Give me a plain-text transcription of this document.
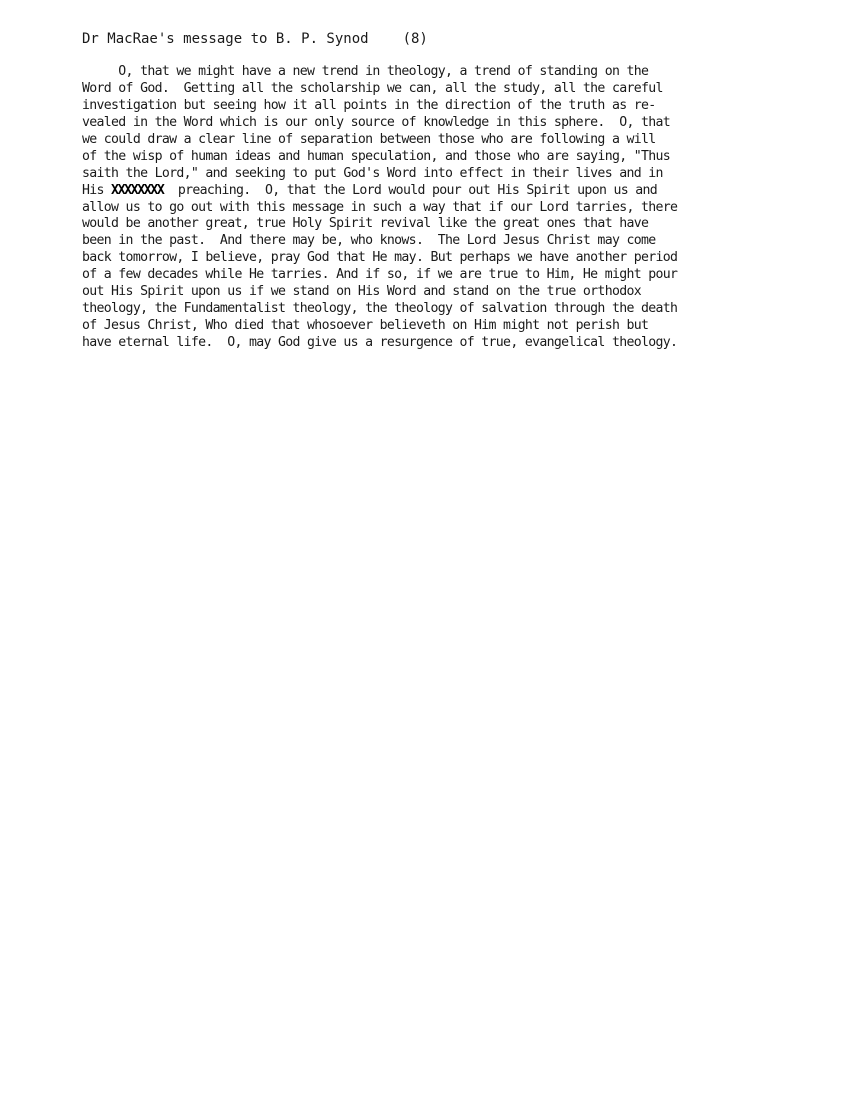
Dr MacRae's message to B. P. Synod (8)
O, that we might have a new trend in theology, a trend of standing on the
Word of God.  Getting all the scholarship we can, all the study, all the careful
investigation but seeing how it all points in the direction of the truth as re-
vealed in the Word which is our only source of knowledge in this sphere.  O, that
we could draw a clear line of separation between those who are following a will
of the wisp of human ideas and human speculation, and those who are saying, "Thus
saith the Lord," and seeking to put God's Word into effect in their lives and in
His XXXXXXXX  preaching.  O, that the Lord would pour out His Spirit upon us and
allow us to go out with this message in such a way that if our Lord tarries, there
would be another great, true Holy Spirit revival like the great ones that have
been in the past.  And there may be, who knows.  The Lord Jesus Christ may come
back tomorrow, I believe, pray God that He may. But perhaps we have another period
of a few decades while He tarries. And if so, if we are true to Him, He might pour
out His Spirit upon us if we stand on His Word and stand on the true orthodox
theology, the Fundamentalist theology, the theology of salvation through the death
of Jesus Christ, Who died that whosoever believeth on Him might not perish but
have eternal life.  O, may God give us a resurgence of true, evangelical theology.
